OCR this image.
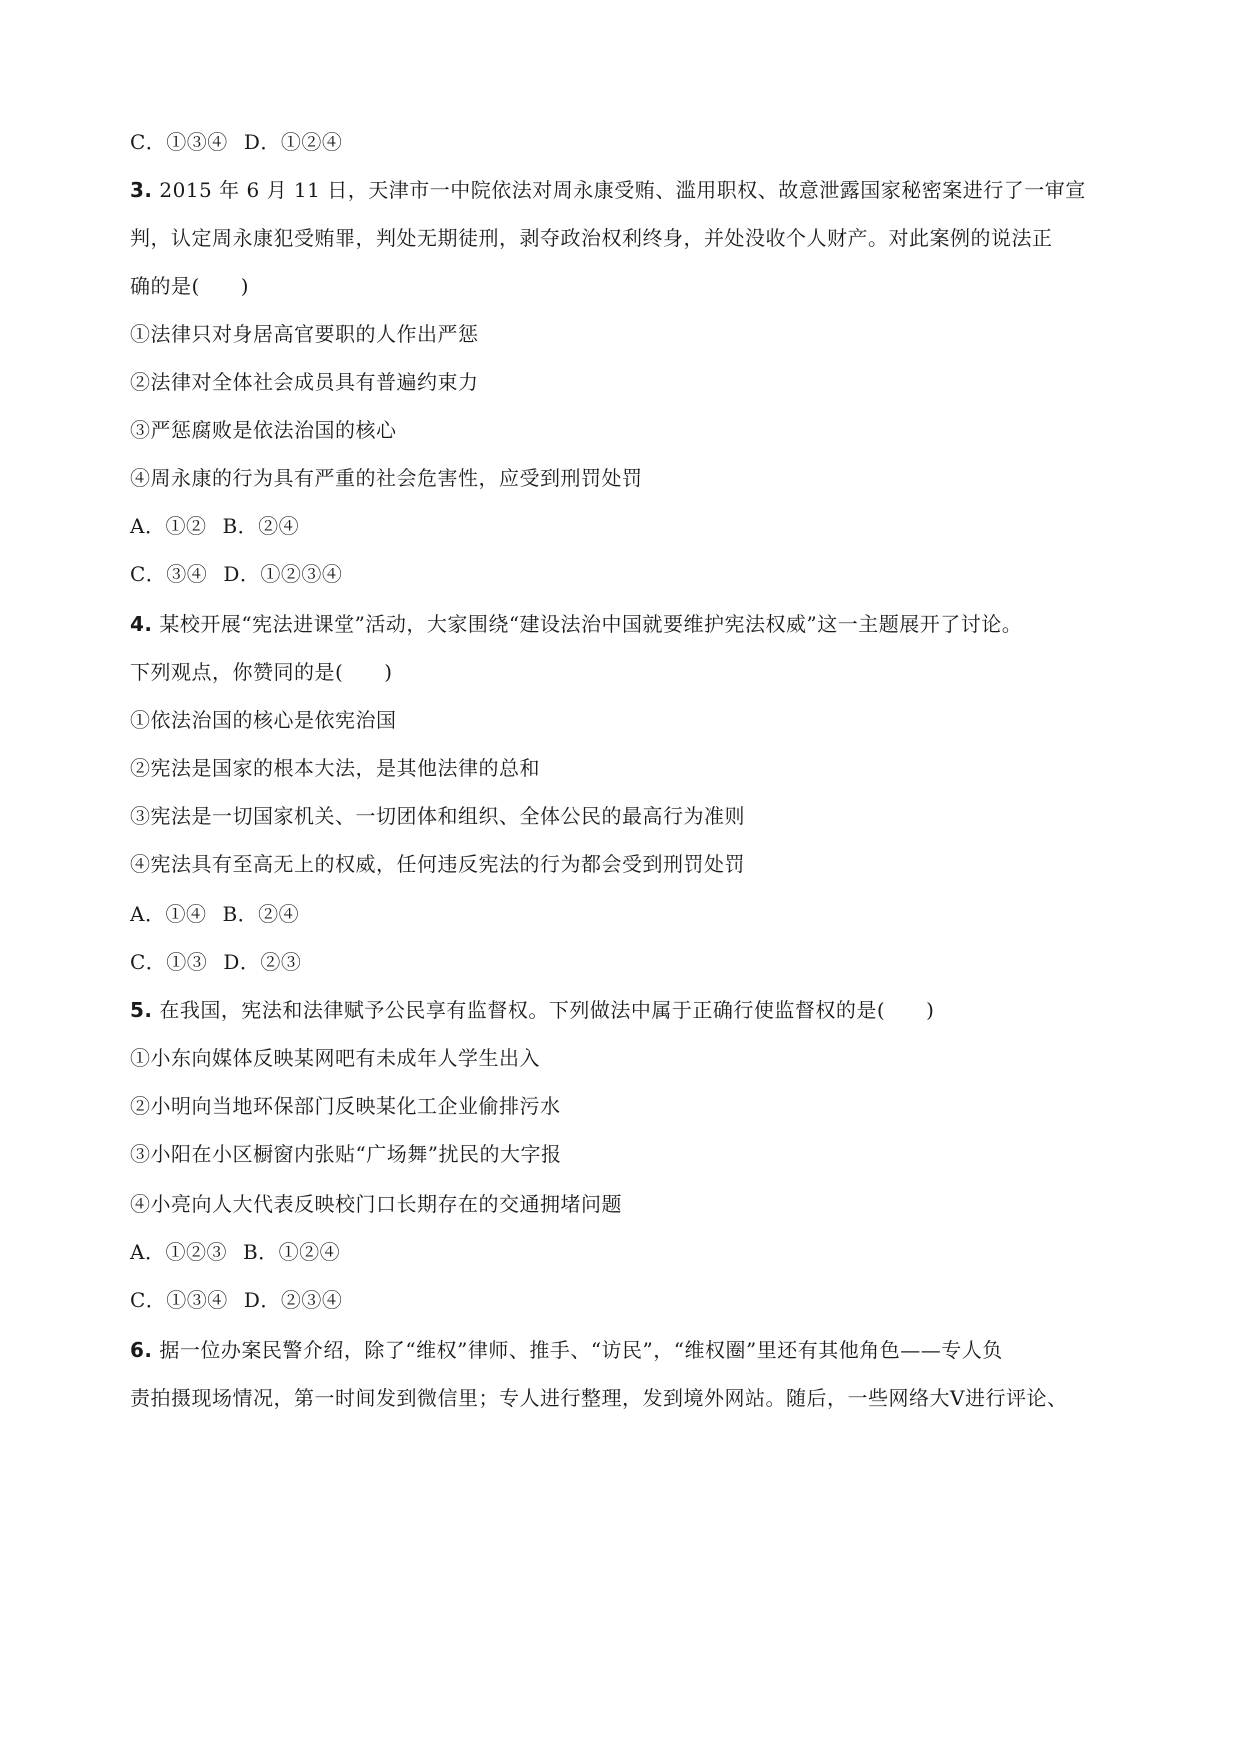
C．①③④ D．①②④
3. 2015 年 6 月 11 日，天津市一中院依法对周永康受贿、滥用职权、故意泄露国家秘密案进行了一审宣
判，认定周永康犯受贿罪，判处无期徒刑，剥夺政治权利终身，并处没收个人财产。对此案例的说法正
确的是(　　)
①法律只对身居高官要职的人作出严惩
②法律对全体社会成员具有普遍约束力
③严惩腐败是依法治国的核心
④周永康的行为具有严重的社会危害性，应受到刑罚处罚
A．①② B．②④
C．③④ D．①②③④
4. 某校开展“宪法进课堂”活动，大家围绕“建设法治中国就要维护宪法权威”这一主题展开了讨论。
下列观点，你赞同的是(　　)
①依法治国的核心是依宪治国
②宪法是国家的根本大法，是其他法律的总和
③宪法是一切国家机关、一切团体和组织、全体公民的最高行为准则
④宪法具有至高无上的权威，任何违反宪法的行为都会受到刑罚处罚
A．①④ B．②④
C．①③ D．②③
5. 在我国，宪法和法律赋予公民享有监督权。下列做法中属于正确行使监督权的是(　　)
①小东向媒体反映某网吧有未成年人学生出入
②小明向当地环保部门反映某化工企业偷排污水
③小阳在小区橱窗内张贴“广场舞”扰民的大字报
④小亮向人大代表反映校门口长期存在的交通拥堵问题
A．①②③ B．①②④
C．①③④ D．②③④
6. 据一位办案民警介绍，除了“维权”律师、推手、“访民”，“维权圈”里还有其他角色——专人负
责拍摄现场情况，第一时间发到微信里；专人进行整理，发到境外网站。随后，一些网络大V进行评论、
